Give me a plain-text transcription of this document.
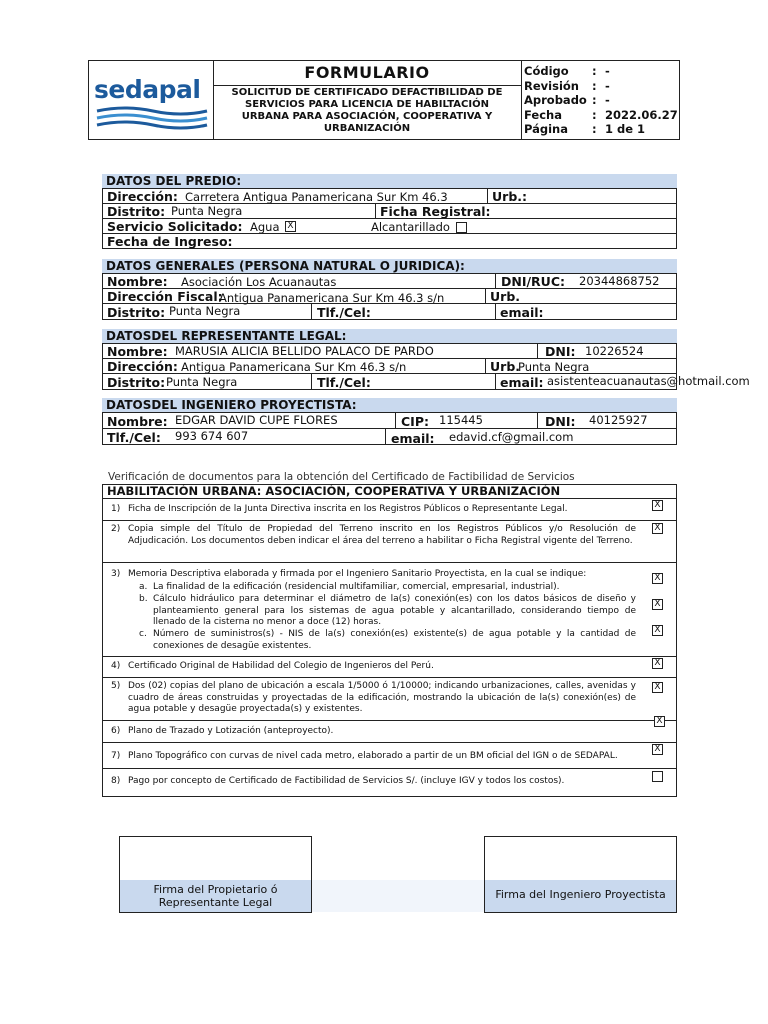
sedapal
FORMULARIO
SOLICITUD DE CERTIFICADO DEFACTIBILIDAD DE SERVICIOS PARA LICENCIA DE HABILTACIÓN URBANA PARA ASOCIACIÓN, COOPERATIVA Y URBANIZACIÓN
Código : -
Revisión : -
Aprobado : -
Fecha	: 2022.06.27
Página : 1 de 1
DATOS DEL PREDIO:
Dirección: Carretera Antigua Panamericana Sur Km 46.3	Urb.:
Distrito: Punta Negra	Ficha Registral:
Servicio Solicitado: Agua X	Alcantarillado
Fecha de Ingreso:
DATOS GENERALES (PERSONA NATURAL O JURIDICA):
Nombre: Asociación Los Acuanautas	DNI/RUC: 20344868752
Dirección Fiscal:
Antigua Panamericana Sur Km 46.3 s/n	Urb.
Distrito: Punta Negra	Tlf./Cel:	email:
DATOSDEL REPRESENTANTE LEGAL:
Nombre: MARUSIA ALICIA BELLIDO PALACO DE PARDO	DNI: 10226524
Dirección: Antigua Panamericana Sur Km 46.3 s/n	Urb.
Punta Negra
Distrito: Punta Negra	Tlf./Cel:	email: asistenteacuanautas@hotmail.com
DATOSDEL INGENIERO PROYECTISTA:
Nombre: EDGAR DAVID CUPE FLORES	CIP: 115445	DNI: 40125927
Tlf./Cel: 993 674 607	email: edavid.cf@gmail.com
Verificación de documentos para la obtención del Certificado de Factibilidad de Servicios
HABILITACIÓN URBANA: ASOCIACIÓN, COOPERATIVA Y URBANIZACIÓN
1) Ficha de Inscripción de la Junta Directiva inscrita en los Registros Públicos o Representante Legal.	X
2) Copia simple del Título de Propiedad del Terreno inscrito en los Registros Públicos y/o Resolución de Adjudicación. Los documentos deben indicar el área del terreno a habilitar o Ficha Registral vigente del Terreno.
X
3) Memoria Descriptiva elaborada y firmada por el Ingeniero Sanitario Proyectista, en la cual se indique:
a. La finalidad de la edificación (residencial multifamiliar, comercial, empresarial, industrial).
X
b. Cálculo hidráulico para determinar el diámetro de la(s) conexión(es) con los datos básicos de diseño y planteamiento general para los sistemas de agua potable y alcantarillado, considerando tiempo de llenado de la cisterna no menor a doce (12) horas.
X
c. Número de suministros(s) - NIS de la(s) conexión(es) existente(s) de agua potable y la cantidad de conexiones de desagüe existentes.
X
4) Certificado Original de Habilidad del Colegio de Ingenieros del Perú.	X
5) Dos (02) copias del plano de ubicación a escala 1/5000 ó 1/10000; indicando urbanizaciones, calles, avenidas y cuadro de áreas construidas y proyectadas de la edificación, mostrando la ubicación de la(s) conexión(es) de agua potable y desagüe proyectada(s) y existentes.
X
6) Plano de Trazado y Lotización (anteproyecto).
X
7) Plano Topográfico con curvas de nivel cada metro, elaborado a partir de un BM oficial del IGN o de SEDAPAL.
X
8) Pago por concepto de Certificado de Factibilidad de Servicios S/. (incluye IGV y todos los costos).
Firma del Propietario ó Representante Legal
Firma del Ingeniero Proyectista
